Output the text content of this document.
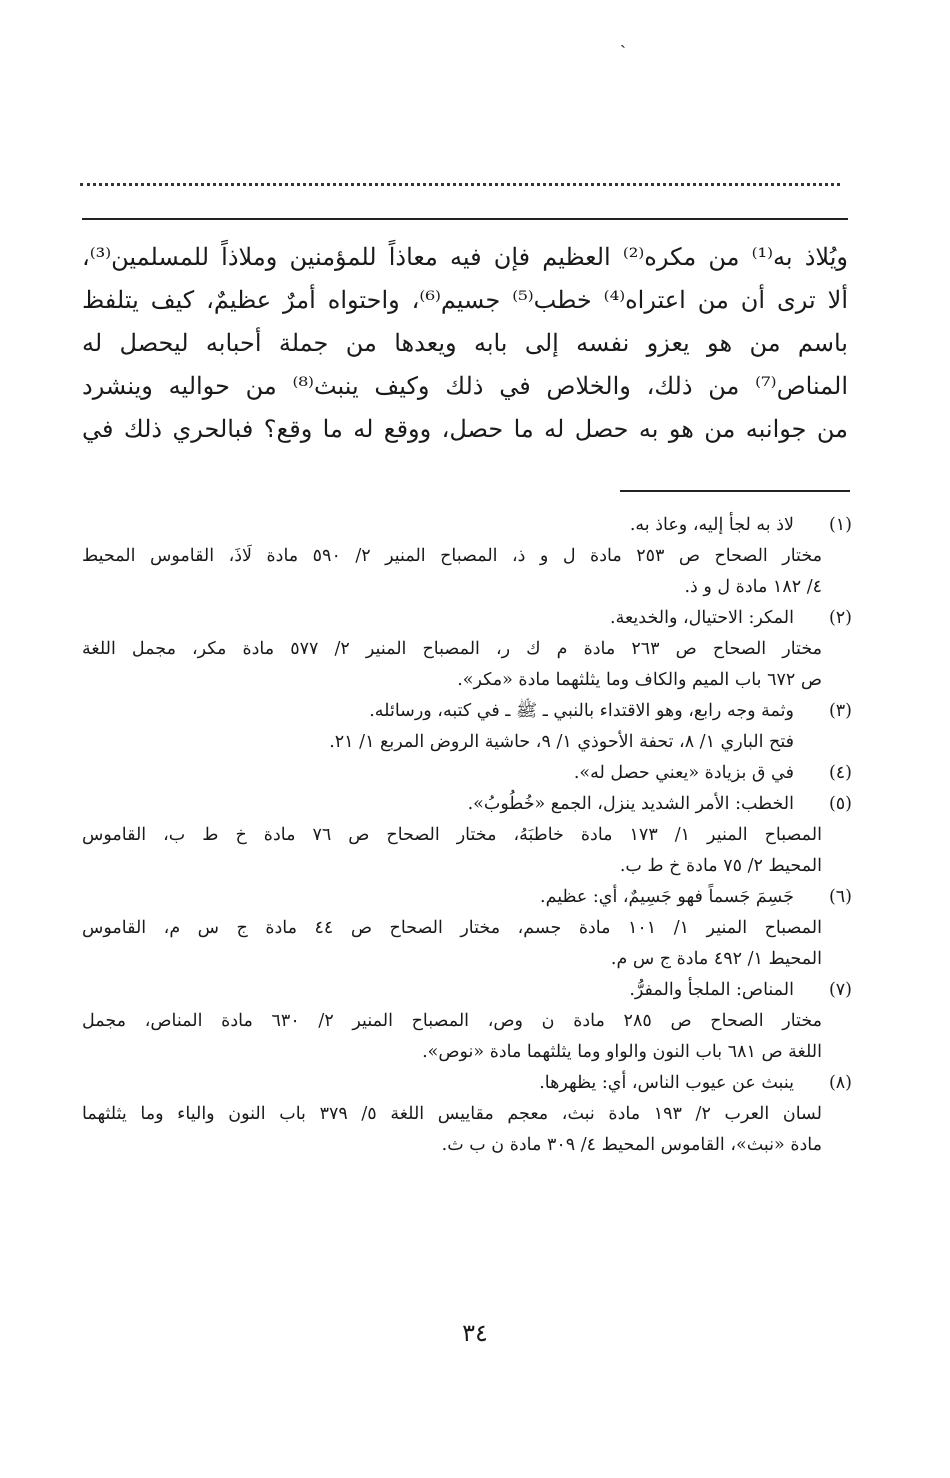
ˎ
ويُلاذ به⁽¹⁾ من مكره⁽²⁾ العظيم فإن فيه معاذاً للمؤمنين وملاذاً للمسلمين⁽³⁾،
ألا ترى أن من اعتراه⁽⁴⁾ خطب⁽⁵⁾ جسيم⁽⁶⁾، واحتواه أمرٌ عظيمٌ، كيف يتلفظ
باسم من هو يعزو نفسه إلى بابه ويعدها من جملة أحبابه ليحصل له
المناص⁽⁷⁾ من ذلك، والخلاص في ذلك وكيف ينبث⁽⁸⁾ من حواليه وينشرد
من جوانبه من هو به حصل له ما حصل، ووقع له ما وقع؟ فبالحري ذلك في
(١)
لاذ به لجأ إليه، وعاذ به.
مختار الصحاح ص ٢٥٣ مادة ل و ذ، المصباح المنير ٢/ ٥٩٠ مادة لَاذَ، القاموس المحيط
٤/ ١٨٢ مادة ل و ذ.
(٢)
المكر: الاحتيال، والخديعة.
مختار الصحاح ص ٢٦٣ مادة م ك ر، المصباح المنير ٢/ ٥٧٧ مادة مكر، مجمل اللغة
ص ٦٧٢ باب الميم والكاف وما يثلثهما مادة «مكر».
(٣)
وثمة وجه رابع، وهو الاقتداء بالنبي ـ ﷺ ـ في كتبه، ورسائله.
فتح الباري ١/ ٨، تحفة الأحوذي ١/ ٩، حاشية الروض المربع ١/ ٢١.
(٤)
في ق بزيادة «يعني حصل له».
(٥)
الخطب: الأمر الشديد ينزل، الجمع «خُطُوبُ».
المصباح المنير ١/ ١٧٣ مادة خاطبَهُ، مختار الصحاح ص ٧٦ مادة خ ط ب، القاموس
المحيط ٢/ ٧٥ مادة خ ط ب.
(٦)
جَسِمَ جَسماً فهو جَسِيمٌ، أي: عظيم.
المصباح المنير ١/ ١٠١ مادة جسم، مختار الصحاح ص ٤٤ مادة ج س م، القاموس
المحيط ١/ ٤٩٢ مادة ج س م.
(٧)
المناص: الملجأ والمفرُّ.
مختار الصحاح ص ٢٨٥ مادة ن وص، المصباح المنير ٢/ ٦٣٠ مادة المناص، مجمل
اللغة ص ٦٨١ باب النون والواو وما يثلثهما مادة «نوص».
(٨)
ينبث عن عيوب الناس، أي: يظهرها.
لسان العرب ٢/ ١٩٣ مادة نبث، معجم مقاييس اللغة ٥/ ٣٧٩ باب النون والياء وما يثلثهما
مادة «نبث»، القاموس المحيط ٤/ ٣٠٩ مادة ن ب ث.
٣٤
